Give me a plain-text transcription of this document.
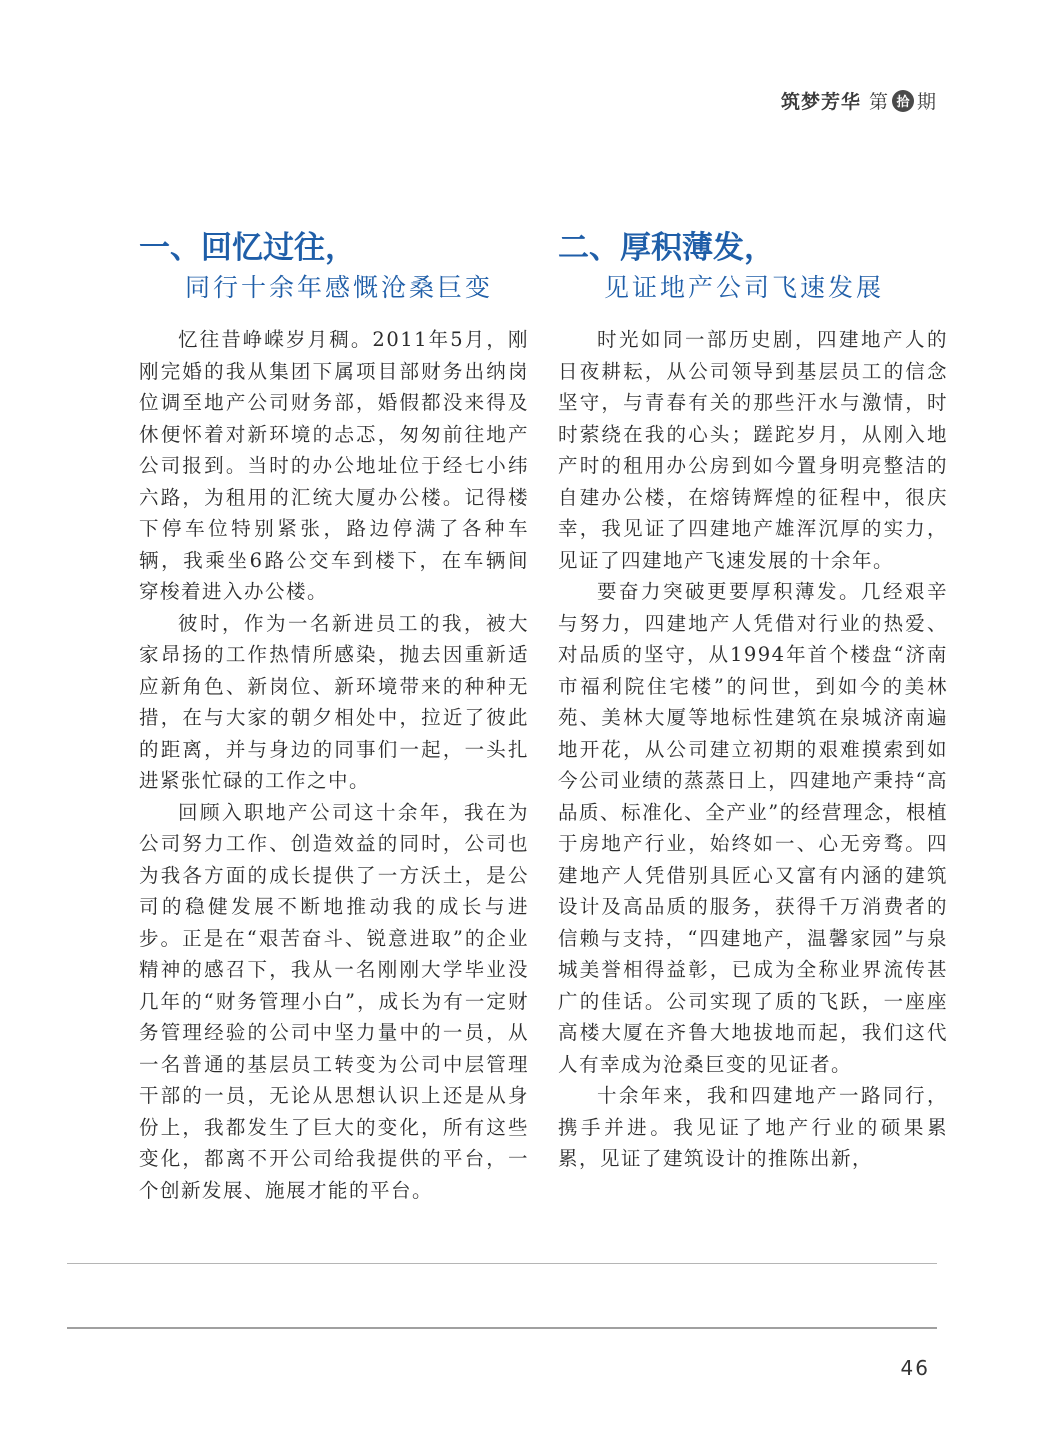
筑梦芳华 第 拾 期
一、回忆过往，
同行十余年感慨沧桑巨变

忆往昔峥嵘岁月稠。2011年5月，刚刚完婚的我从集团下属项目部财务出纳岗位调至地产公司财务部，婚假都没来得及休便怀着对新环境的忐忑，匆匆前往地产公司报到。当时的办公地址位于经七小纬六路，为租用的汇统大厦办公楼。记得楼下停车位特别紧张，路边停满了各种车辆，我乘坐6路公交车到楼下，在车辆间穿梭着进入办公楼。

彼时，作为一名新进员工的我，被大家昂扬的工作热情所感染，抛去因重新适应新角色、新岗位、新环境带来的种种无措，在与大家的朝夕相处中，拉近了彼此的距离，并与身边的同事们一起，一头扎进紧张忙碌的工作之中。

回顾入职地产公司这十余年，我在为公司努力工作、创造效益的同时，公司也为我各方面的成长提供了一方沃土，是公司的稳健发展不断地推动我的成长与进步。正是在“艰苦奋斗、锐意进取”的企业精神的感召下，我从一名刚刚大学毕业没几年的“财务管理小白”，成长为有一定财务管理经验的公司中坚力量中的一员，从一名普通的基层员工转变为公司中层管理干部的一员，无论从思想认识上还是从身份上，我都发生了巨大的变化，所有这些变化，都离不开公司给我提供的平台，一个创新发展、施展才能的平台。

二、厚积薄发，
见证地产公司飞速发展

时光如同一部历史剧，四建地产人的日夜耕耘，从公司领导到基层员工的信念坚守，与青春有关的那些汗水与激情，时时萦绕在我的心头；蹉跎岁月，从刚入地产时的租用办公房到如今置身明亮整洁的自建办公楼，在熔铸辉煌的征程中，很庆幸，我见证了四建地产雄浑沉厚的实力，见证了四建地产飞速发展的十余年。

要奋力突破更要厚积薄发。几经艰辛与努力，四建地产人凭借对行业的热爱、对品质的坚守，从1994年首个楼盘“济南市福利院住宅楼”的问世，到如今的美林苑、美林大厦等地标性建筑在泉城济南遍地开花，从公司建立初期的艰难摸索到如今公司业绩的蒸蒸日上，四建地产秉持“高品质、标准化、全产业”的经营理念，根植于房地产行业，始终如一、心无旁骛。四建地产人凭借别具匠心又富有内涵的建筑设计及高品质的服务，获得千万消费者的信赖与支持，“四建地产，温馨家园”与泉城美誉相得益彰，已成为全称业界流传甚广的佳话。公司实现了质的飞跃，一座座高楼大厦在齐鲁大地拔地而起，我们这代人有幸成为沧桑巨变的见证者。

十余年来，我和四建地产一路同行，携手并进。我见证了地产行业的硕果累累，见证了建筑设计的推陈出新，

46
